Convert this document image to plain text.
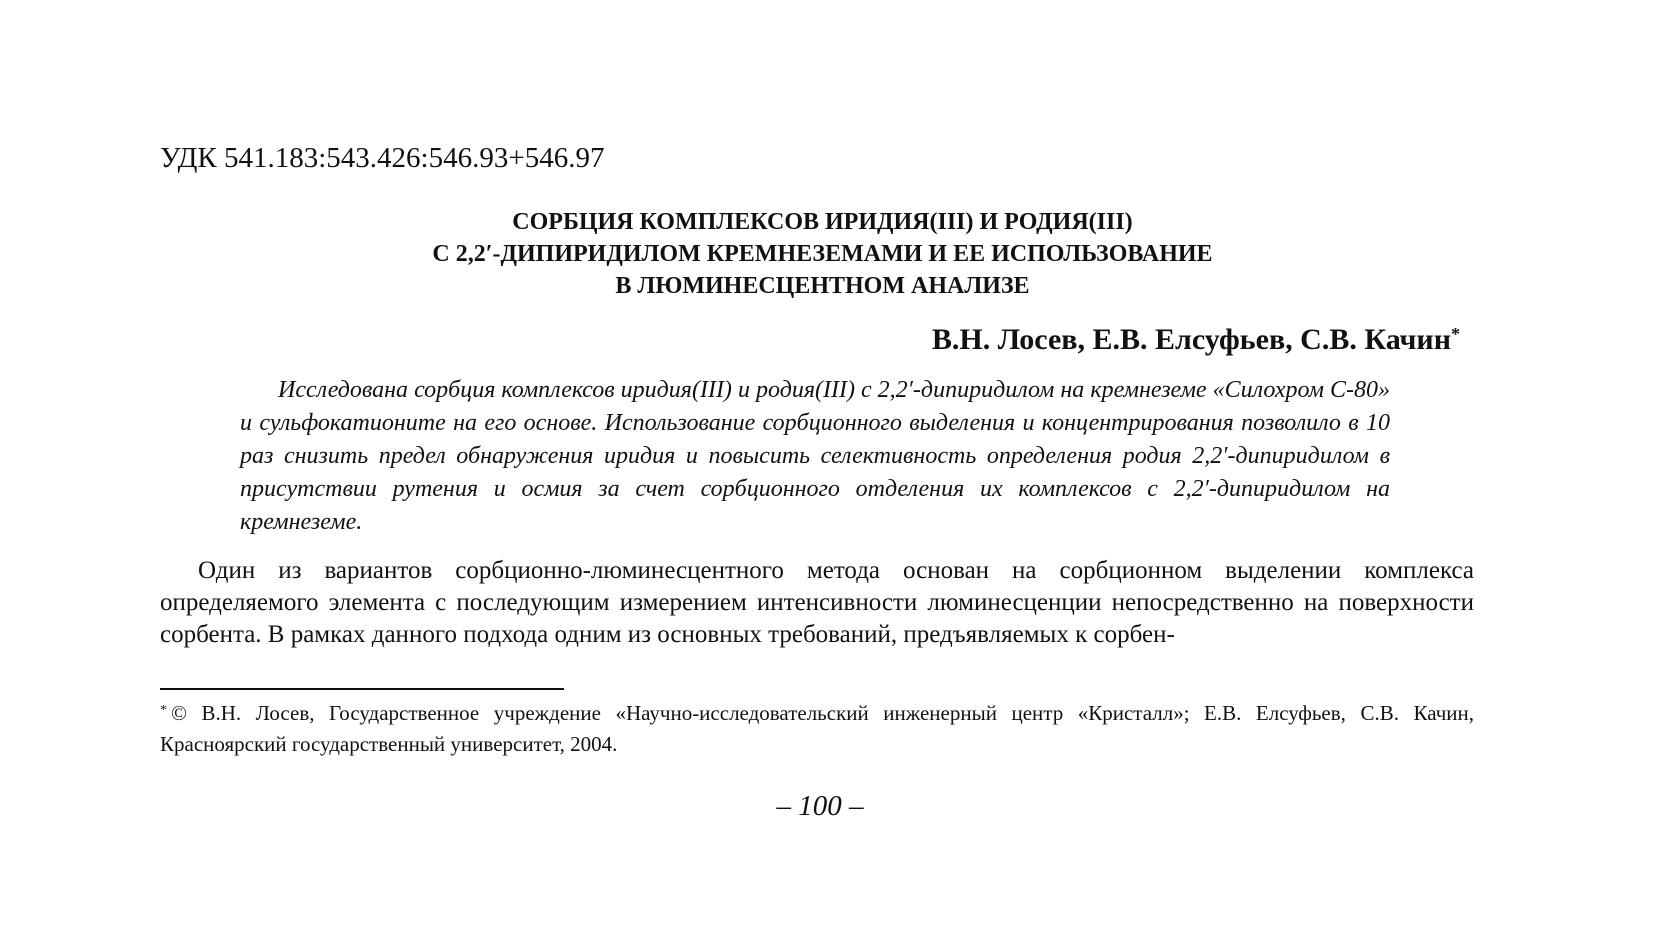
УДК 541.183:543.426:546.93+546.97
СОРБЦИЯ КОМПЛЕКСОВ ИРИДИЯ(III) И РОДИЯ(III)
С 2,2′-ДИПИРИДИЛОМ КРЕМНЕЗЕМАМИ И ЕЕ ИСПОЛЬЗОВАНИЕ
В ЛЮМИНЕСЦЕНТНОМ АНАЛИЗЕ
В.Н. Лосев, Е.В. Елсуфьев, С.В. Качин*
Исследована сорбция комплексов иридия(III) и родия(III) с 2,2′-дипиридилом на кремнеземе «Силохром С-80» и сульфокатионите на его основе. Использование сорбционного выделения и концентрирования позволило в 10 раз снизить предел обнаружения иридия и повысить селективность определения родия 2,2′-дипиридилом в присутствии рутения и осмия за счет сорбционного отделения их комплексов с 2,2′-дипиридилом на кремнеземе.
Один из вариантов сорбционно-люминесцентного метода основан на сорбционном выделении комплекса определяемого элемента с последующим измерением интенсивности люминесценции непосредственно на поверхности сорбента. В рамках данного подхода одним из основных требований, предъявляемых к сорбен-
* © В.Н. Лосев, Государственное учреждение «Научно-исследовательский инженерный центр «Кристалл»; Е.В. Елсуфьев, С.В. Качин, Красноярский государственный университет, 2004.
– 100 –
